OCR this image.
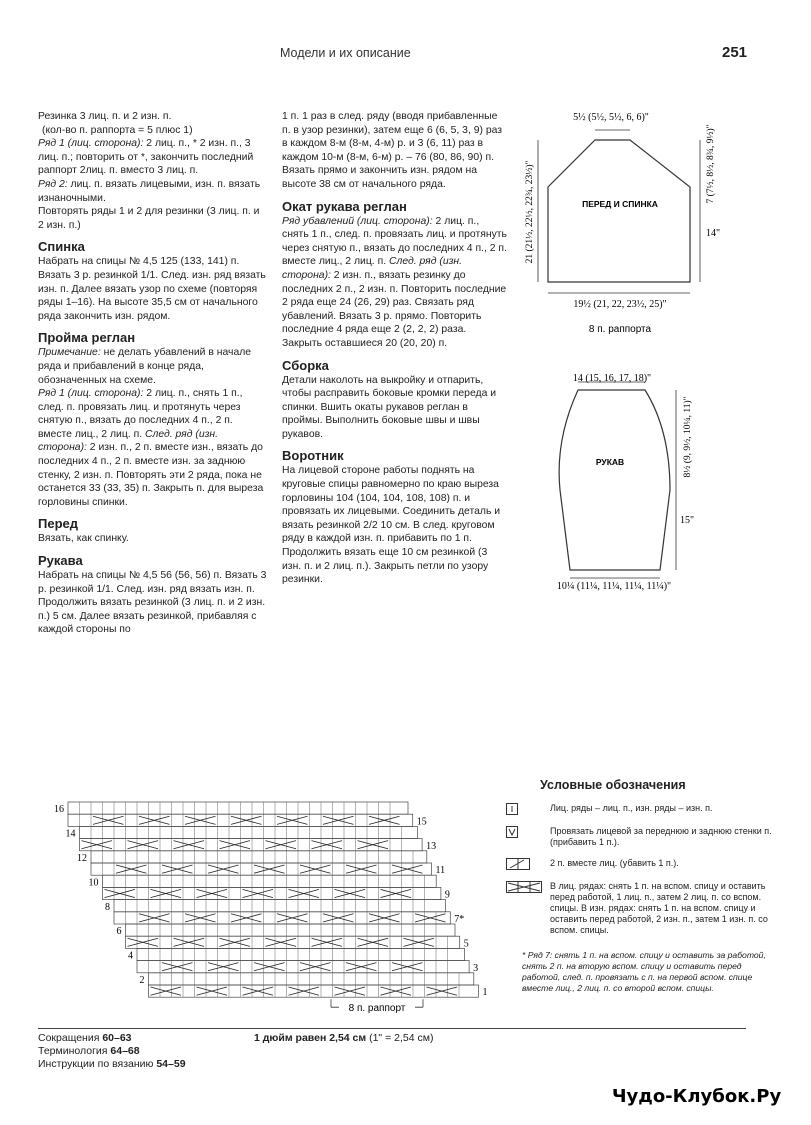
Модели и их описание	251

Резинка 3 лиц. п. и 2 изн. п.

(кол-во п. раппорта = 5 плюс 1)

Ряд 1 (лиц. сторона): 2 лиц. п., * 2 изн. п., 3 лиц. п.; повторить от *, закончить последний раппорт 2лиц. п. вместо 3 лиц. п.

Ряд 2: лиц. п. вязать лицевыми, изн. п. вязать изнаночными.

Повторять ряды 1 и 2 для резинки (3 лиц. п. и 2 изн. п.)

Спинка

Набрать на спицы № 4,5 125 (133, 141) п. Вязать 3 р. резинкой 1/1. След. изн. ряд вязать изн. п. Далее вязать узор по схеме (повторяя ряды 1–16). На высоте 35,5 см от начального ряда закончить изн. рядом.

Пройма реглан

Примечание: не делать убавлений в начале ряда и прибавлений в конце ряда, обозначенных на схеме.

Ряд 1 (лиц. сторона): 2 лиц. п., снять 1 п., след. п. провязать лиц. и протянуть через снятую п., вязать до последних 4 п., 2 п. вместе лиц., 2 лиц. п. След. ряд (изн. сторона): 2 изн. п., 2 п. вместе изн., вязать до последних 4 п., 2 п. вместе изн. за заднюю стенку, 2 изн. п. Повторять эти 2 ряда, пока не останется 33 (33, 35) п. Закрыть п. для выреза горловины спинки.

Перед

Вязать, как спинку.

Рукава

Набрать на спицы № 4,5 56 (56, 56) п. Вязать 3 р. резинкой 1/1. След. изн. ряд вязать изн. п. Продолжить вязать резинкой (3 лиц. п. и 2 изн. п.) 5 см. Далее вязать резинкой, прибавляя с каждой стороны по

1 п. 1 раз в след. ряду (вводя прибавленные п. в узор резинки), затем еще 6 (6, 5, 3, 9) раз в каждом 8-м (8-м, 4-м) р. и 3 (6, 11) раз в каждом 10-м (8-м, 6-м) р. – 76 (80, 86, 90) п. Вязать прямо и закончить изн. рядом на высоте 38 см от начального ряда.

Окат рукава реглан

Ряд убавлений (лиц. сторона): 2 лиц. п., снять 1 п., след. п. провязать лиц. и протянуть через снятую п., вязать до последних 4 п., 2 п. вместе лиц., 2 лиц. п. След. ряд (изн. сторона): 2 изн. п., вязать резинку до последних 2 п., 2 изн. п. Повторить последние 2 ряда еще 24 (26, 29) раз. Связать ряд убавлений. Вязать 3 р. прямо. Повторить последние 4 ряда еще 2 (2, 2, 2) раза. Закрыть оставшиеся 20 (20, 20) п.

Сборка

Детали наколоть на выкройку и отпарить, чтобы расправить боковые кромки переда и спинки. Вшить окаты рукавов реглан в проймы. Выполнить боковые швы и швы рукавов.

Воротник

На лицевой стороне работы поднять на круговые спицы равномерно по краю выреза горловины 104 (104, 104, 108, 108) п. и провязать их лицевыми. Соединить деталь и вязать резинкой 2/2 10 см. В след. круговом ряду в каждой изн. п. прибавить по 1 п. Продолжить вязать еще 10 см резинкой (3 изн. п. и 2 лиц. п.). Закрыть петли по узору резинки.

5½ (5½, 5½, 6, 6)"
21 (21½, 22½, 22¾, 23½)"	7 (7½, 8½, 8¾, 9½)"
14"
ПЕРЕД И СПИНКА
19½ (21, 22, 23½, 25)"
8 п. раппорта
14 (15, 16, 17, 18)"
8½ (9, 9½, 10¼, 11)"
15"
РУКАВ
10¼ (11¼, 11¼, 11¼, 11¼)"
16
15
14
13
12
11
10
9
8
7*
6
5
4
3
2
1
8 п. раппорт
Условные обозначения
Лиц. ряды – лиц. п., изн. ряды – изн. п.
Провязать лицевой за переднюю и заднюю стенки п. (прибавить 1 п.).
2 п. вместе лиц. (убавить 1 п.).
В лиц. рядах: снять 1 п. на вспом. спицу и оставить перед работой, 1 лиц. п., затем 2 лиц. п. со вспом. спицы. В изн. рядах: снять 1 п. на вспом. спицу и оставить перед работой, 2 изн. п., затем 1 изн. п. со вспом. спицы.
* Ряд 7: снять 1 п. на вспом. спицу и оставить за работой, снять 2 п. на вторую вспом. спицу и оставить перед работой, след. п. провязать с п. на первой вспом. спице вместе лиц., 2 лиц. п. со второй вспом. спицы.
Сокращения 60–63
Терминология 64–68
Инструкции по вязанию 54–59
1 дюйм равен 2,54 см (1" = 2,54 см)
Чудо-Клубок.Ру
